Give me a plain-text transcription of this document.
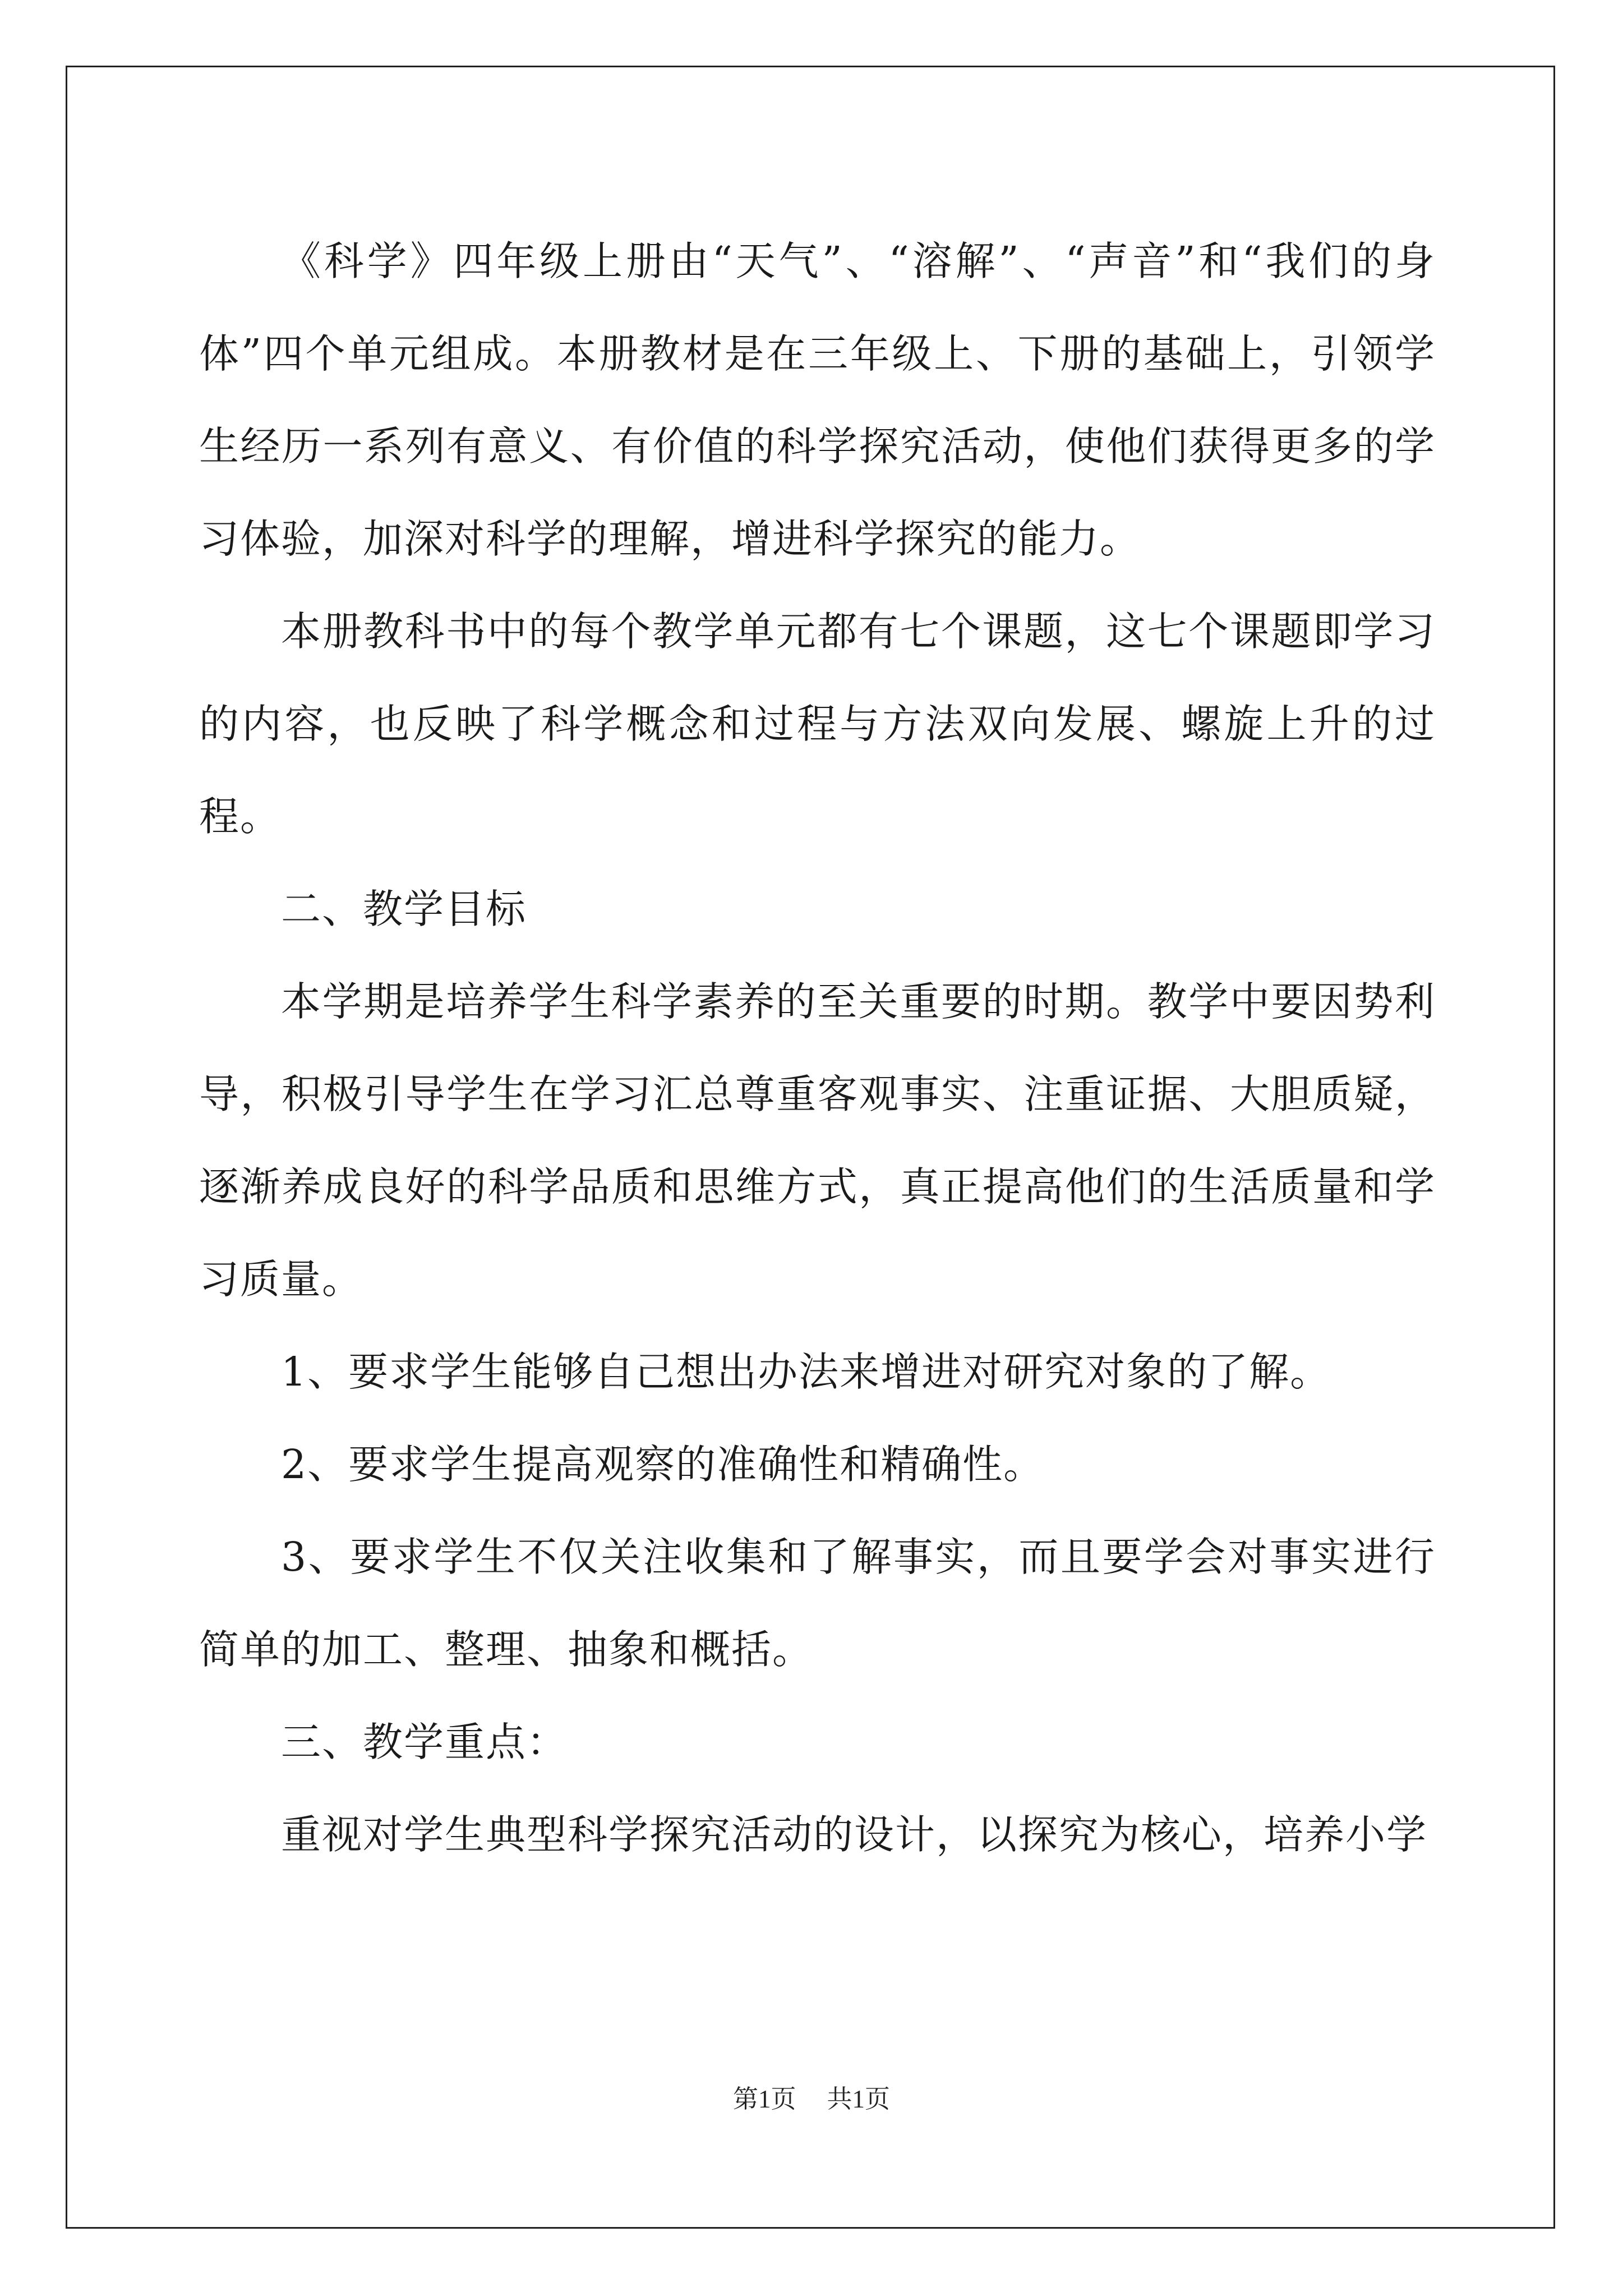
《科学》四年级上册由“天气”、“溶解”、“声音”和“我们的身体”四个单元组成。本册教材是在三年级上、下册的基础上，引领学生经历一系列有意义、有价值的科学探究活动，使他们获得更多的学习体验，加深对科学的理解，增进科学探究的能力。

本册教科书中的每个教学单元都有七个课题，这七个课题即学习的内容，也反映了科学概念和过程与方法双向发展、螺旋上升的过程。

二、教学目标

本学期是培养学生科学素养的至关重要的时期。教学中要因势利导，积极引导学生在学习汇总尊重客观事实、注重证据、大胆质疑，逐渐养成良好的科学品质和思维方式，真正提高他们的生活质量和学习质量。

1、要求学生能够自己想出办法来增进对研究对象的了解。

2、要求学生提高观察的准确性和精确性。

3、要求学生不仅关注收集和了解事实，而且要学会对事实进行简单的加工、整理、抽象和概括。

三、教学重点：

重视对学生典型科学探究活动的设计，以探究为核心，培养小学

第1页 共1页
